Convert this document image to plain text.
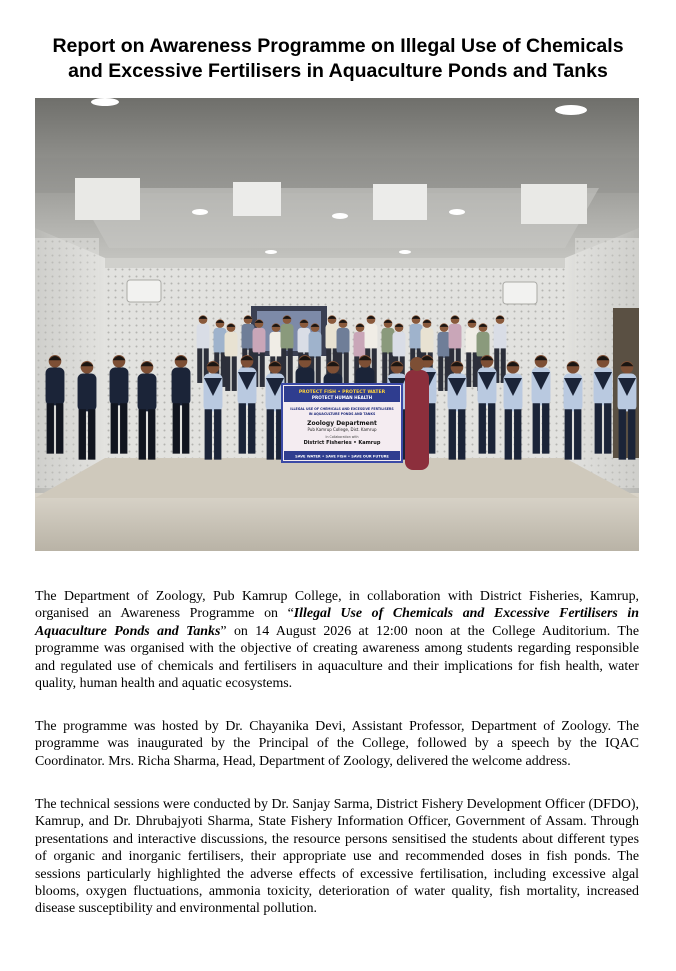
Report on Awareness Programme on Illegal Use of Chemicals
and Excessive Fertilisers in Aquaculture Ponds and Tanks
PROTECT FISH • PROTECT WATER
PROTECT HUMAN HEALTH
ILLEGAL USE OF CHEMICALS AND EXCESSIVE FERTILISERS
IN AQUACULTURE PONDS AND TANKS
Zoology Department
Pub Kamrup College, Dist. Kamrup
In Collaboration with
District Fisheries • Kamrup
SAVE WATER • SAVE FISH • SAVE OUR FUTURE
The Department of Zoology, Pub Kamrup College, in collaboration with District Fisheries, Kamrup, organised an Awareness Programme on “Illegal Use of Chemicals and Excessive Fertilisers in Aquaculture Ponds and Tanks” on 14 August 2026 at 12:00 noon at the College Auditorium. The programme was organised with the objective of creating awareness among students regarding responsible and regulated use of chemicals and fertilisers in aquaculture and their implications for fish health, water quality, human health and aquatic ecosystems.
The programme was hosted by Dr. Chayanika Devi, Assistant Professor, Department of Zoology. The programme was inaugurated by the Principal of the College, followed by a speech by the IQAC Coordinator. Mrs. Richa Sharma, Head, Department of Zoology, delivered the welcome address.
The technical sessions were conducted by Dr. Sanjay Sarma, District Fishery Development Officer (DFDO), Kamrup, and Dr. Dhrubajyoti Sharma, State Fishery Information Officer, Government of Assam. Through presentations and interactive discussions, the resource persons sensitised the students about different types of organic and inorganic fertilisers, their appropriate use and recommended doses in fish ponds. The sessions particularly highlighted the adverse effects of excessive fertilisation, including excessive algal blooms, oxygen fluctuations, ammonia toxicity, deterioration of water quality, fish mortality, increased disease susceptibility and environmental pollution.
